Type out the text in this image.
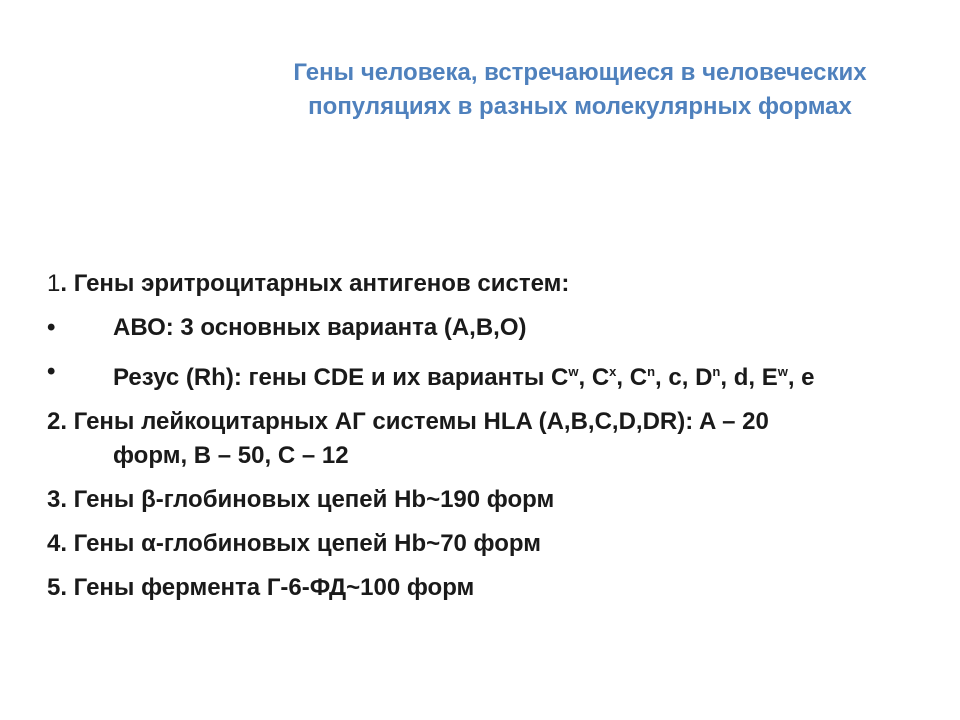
Гены человека, встречающиеся в человеческих
популяциях в разных молекулярных формах
1. Гены эритроцитарных антигенов систем:
•	АВО: 3 основных варианта (А,В,О)
•	Резус (Rh): гены CDE и их варианты $C^w$, $C^x$, $C^n$, c, $D^n$, d, $E^w$, e
2. Гены лейкоцитарных АГ системы HLA (A,B,C,D,DR): A – 20
форм, B – 50, C – 12
3. Гены β-глобиновых цепей Hb~190 форм
4. Гены α-глобиновых цепей Hb~70 форм
5. Гены фермента Г-6-ФД~100 форм
